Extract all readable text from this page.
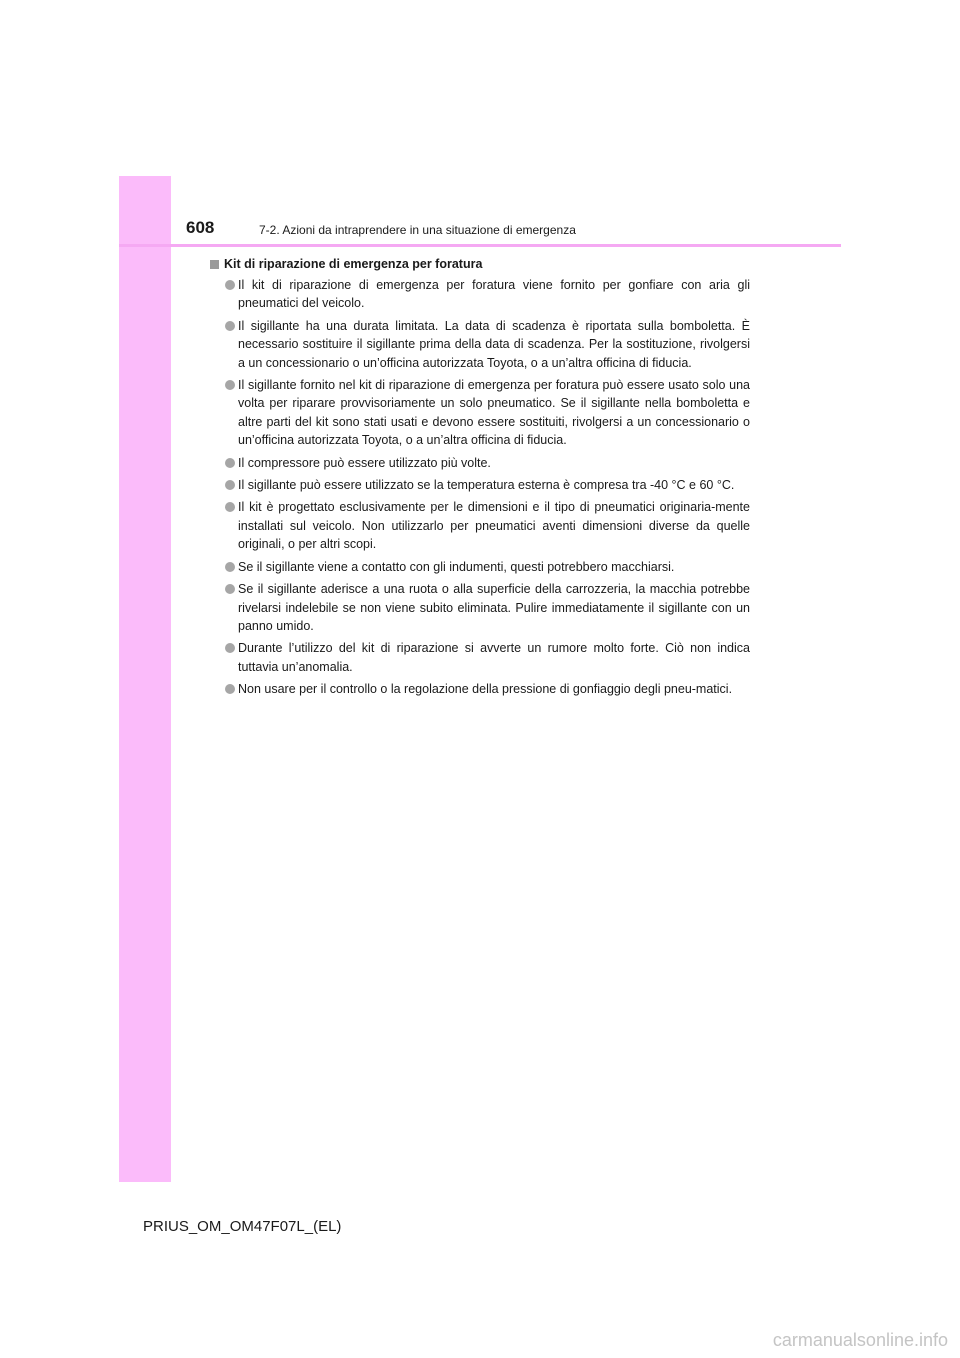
608	7-2. Azioni da intraprendere in una situazione di emergenza
Kit di riparazione di emergenza per foratura
Il kit di riparazione di emergenza per foratura viene fornito per gonfiare con aria gli pneumatici del veicolo.
Il sigillante ha una durata limitata. La data di scadenza è riportata sulla bomboletta. È necessario sostituire il sigillante prima della data di scadenza. Per la sostituzione, rivolgersi a un concessionario o un’officina autorizzata Toyota, o a un’altra officina di fiducia.
Il sigillante fornito nel kit di riparazione di emergenza per foratura può essere usato solo una volta per riparare provvisoriamente un solo pneumatico. Se il sigillante nella bomboletta e altre parti del kit sono stati usati e devono essere sostituiti, rivolgersi a un concessionario o un’officina autorizzata Toyota, o a un’altra officina di fiducia.
Il compressore può essere utilizzato più volte.
Il sigillante può essere utilizzato se la temperatura esterna è compresa tra -40 °C e 60 °C.
Il kit è progettato esclusivamente per le dimensioni e il tipo di pneumatici originaria-mente installati sul veicolo. Non utilizzarlo per pneumatici aventi dimensioni diverse da quelle originali, o per altri scopi.
Se il sigillante viene a contatto con gli indumenti, questi potrebbero macchiarsi.
Se il sigillante aderisce a una ruota o alla superficie della carrozzeria, la macchia potrebbe rivelarsi indelebile se non viene subito eliminata. Pulire immediatamente il sigillante con un panno umido.
Durante l’utilizzo del kit di riparazione si avverte un rumore molto forte. Ciò non indica tuttavia un’anomalia.
Non usare per il controllo o la regolazione della pressione di gonfiaggio degli pneu-matici.
PRIUS_OM_OM47F07L_(EL)
carmanualsonline.info
